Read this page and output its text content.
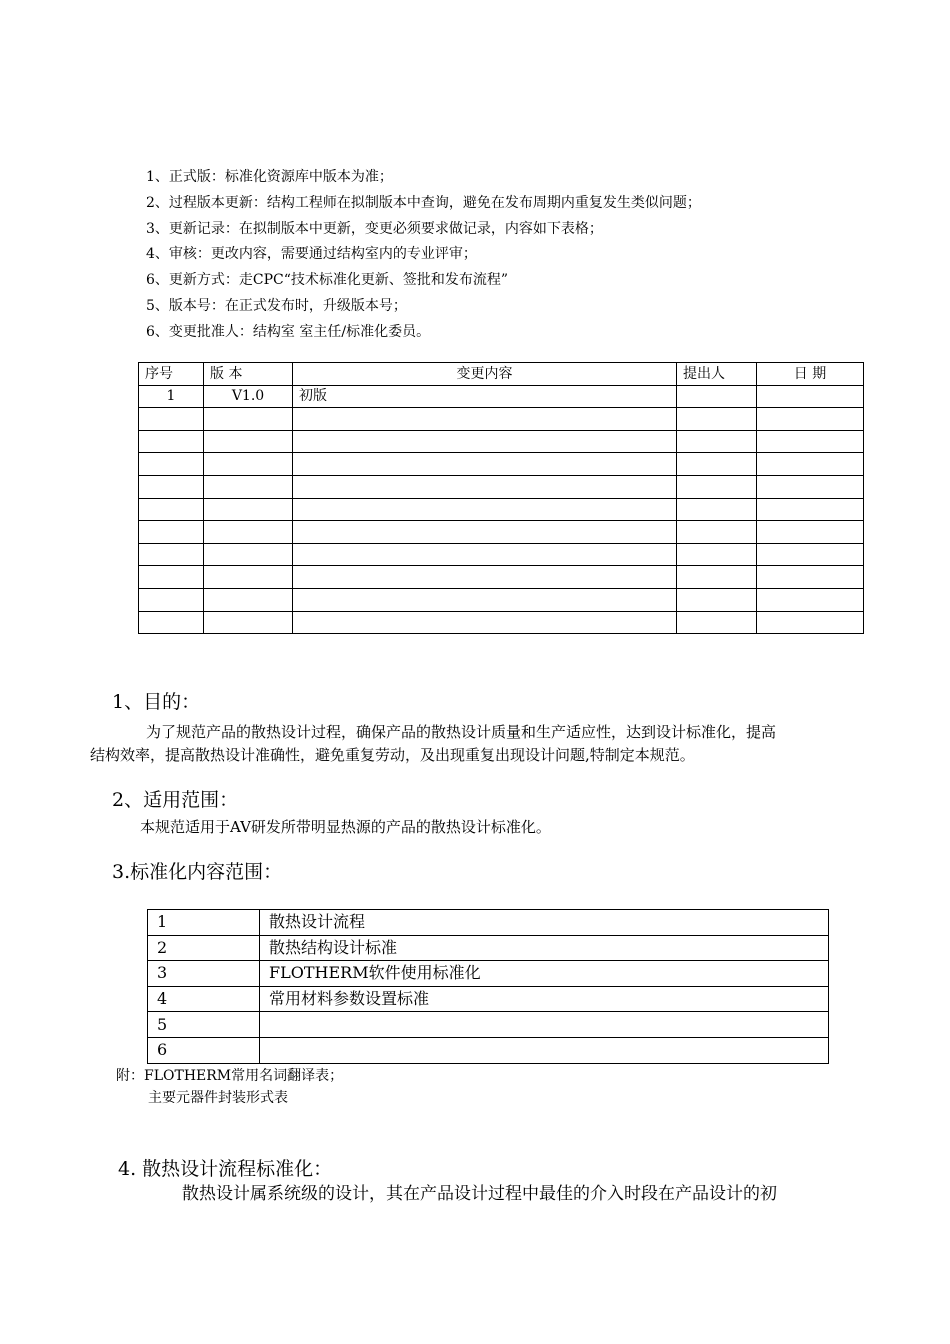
1、正式版：标准化资源库中版本为准；
2、过程版本更新：结构工程师在拟制版本中查询，避免在发布周期内重复发生类似问题；
3、更新记录：在拟制版本中更新，变更必须要求做记录，内容如下表格；
4、审核：更改内容，需要通过结构室内的专业评审；
6、更新方式：走CPC“技术标准化更新、签批和发布流程”
5、版本号：在正式发布时，升级版本号；
6、变更批准人：结构室 室主任/标准化委员。
序号	版 本	变更内容	提出人	日 期
1	V1.0	初版		

1、目的：
为了规范产品的散热设计过程，确保产品的散热设计质量和生产适应性，达到设计标准化，提高
结构效率，提高散热设计准确性，避免重复劳动，及出现重复出现设计问题,特制定本规范。
2、适用范围：
本规范适用于AV研发所带明显热源的产品的散热设计标准化。
3.标准化内容范围：
1	散热设计流程
2	散热结构设计标准
3	FLOTHERM软件使用标准化
4	常用材料参数设置标准
5	
6	
附：FLOTHERM常用名词翻译表；
主要元器件封装形式表
4. 散热设计流程标准化：
散热设计属系统级的设计，其在产品设计过程中最佳的介入时段在产品设计的初
